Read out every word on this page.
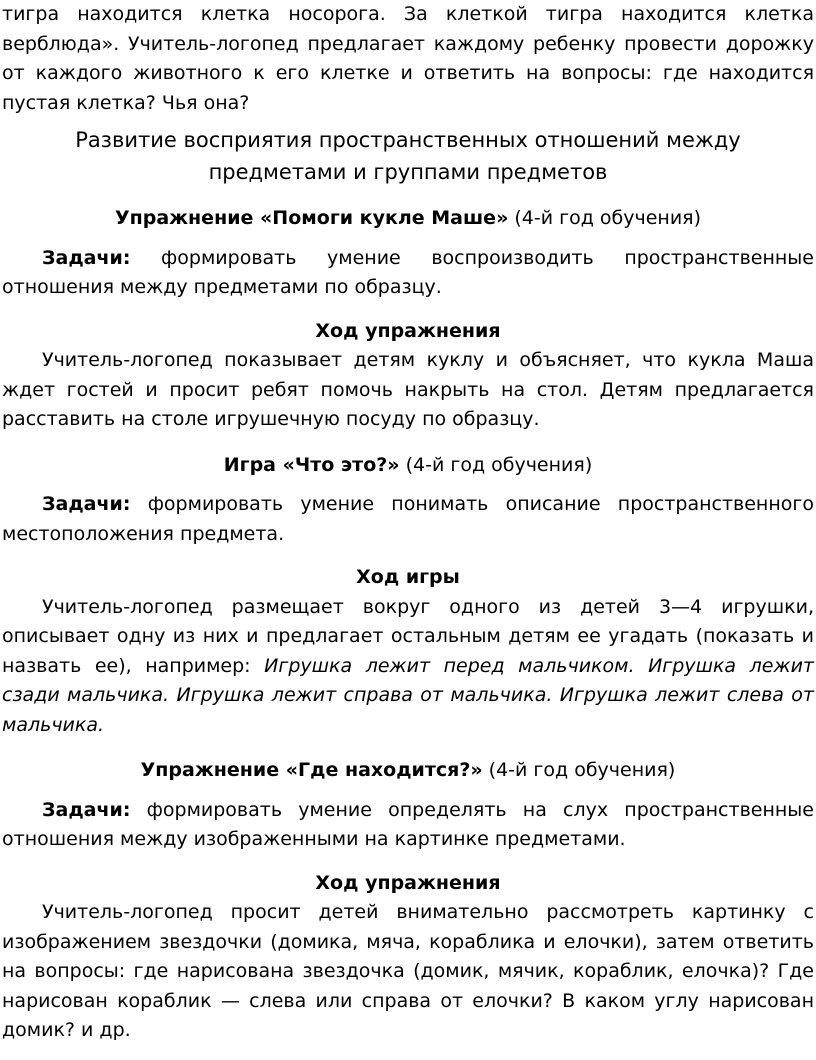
тигра находится клетка носорога. За клеткой тигра находится клетка верблюда». Учитель-логопед предлагает каждому ребенку провести дорожку от каждого животного к его клетке и ответить на вопросы: где находится пустая клетка? Чья она?

Развитие восприятия пространственных отношений между
предметами и группами предметов

Упражнение «Помоги кукле Маше» (4-й год обучения)

Задачи: формировать умение воспроизводить пространственные отношения между предметами по образцу.

Ход упражнения

Учитель-логопед показывает детям куклу и объясняет, что кукла Маша ждет гостей и просит ребят помочь накрыть на стол. Детям предлагается расставить на столе игрушечную посуду по образцу.

Игра «Что это?» (4-й год обучения)

Задачи: формировать умение понимать описание пространственного местоположения предмета.

Ход игры

Учитель-логопед размещает вокруг одного из детей 3—4 игрушки, описывает одну из них и предлагает остальным детям ее угадать (показать и назвать ее), например: Игрушка лежит перед мальчиком. Игрушка лежит сзади мальчика. Игрушка лежит справа от мальчика. Игрушка лежит слева от мальчика.

Упражнение «Где находится?» (4-й год обучения)

Задачи: формировать умение определять на слух пространственные отношения между изображенными на картинке предметами.

Ход упражнения

Учитель-логопед просит детей внимательно рассмотреть картинку с изображением звездочки (домика, мяча, кораблика и елочки), затем ответить на вопросы: где нарисована звездочка (домик, мячик, кораблик, елочка)? Где нарисован кораблик — слева или справа от елочки? В каком углу нарисован домик? и др.
